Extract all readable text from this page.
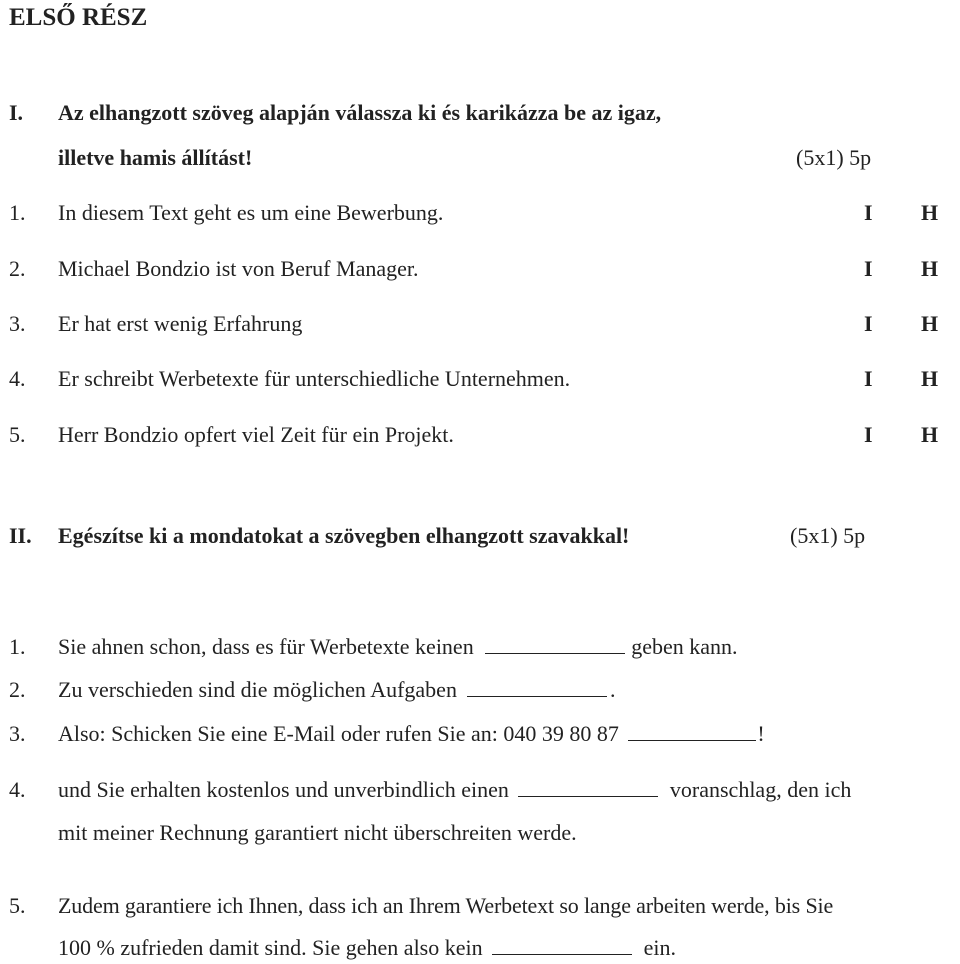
ELSŐ RÉSZ
I. Az elhangzott szöveg alapján válassza ki és karikázza be az igaz,
illetve hamis állítást!	(5x1) 5p
1. In diesem Text geht es um eine Bewerbung.	I H
2. Michael Bondzio ist von Beruf Manager.	I H
3. Er hat erst wenig Erfahrung	I H
4. Er schreibt Werbetexte für unterschiedliche Unternehmen.	I H
5. Herr Bondzio opfert viel Zeit für ein Projekt.	I H
II. Egészítse ki a mondatokat a szövegben elhangzott szavakkal!	(5x1) 5p
1. Sie ahnen schon, dass es für Werbetexte keinen	geben kann.
2. Zu verschieden sind die möglichen Aufgaben	.
3. Also: Schicken Sie eine E-Mail oder rufen Sie an: 040 39 80 87	!
4. und Sie erhalten kostenlos und unverbindlich einen	voranschlag, den ich
mit meiner Rechnung garantiert nicht überschreiten werde.
5. Zudem garantiere ich Ihnen, dass ich an Ihrem Werbetext so lange arbeiten werde, bis Sie
100 % zufrieden damit sind. Sie gehen also kein	ein.
